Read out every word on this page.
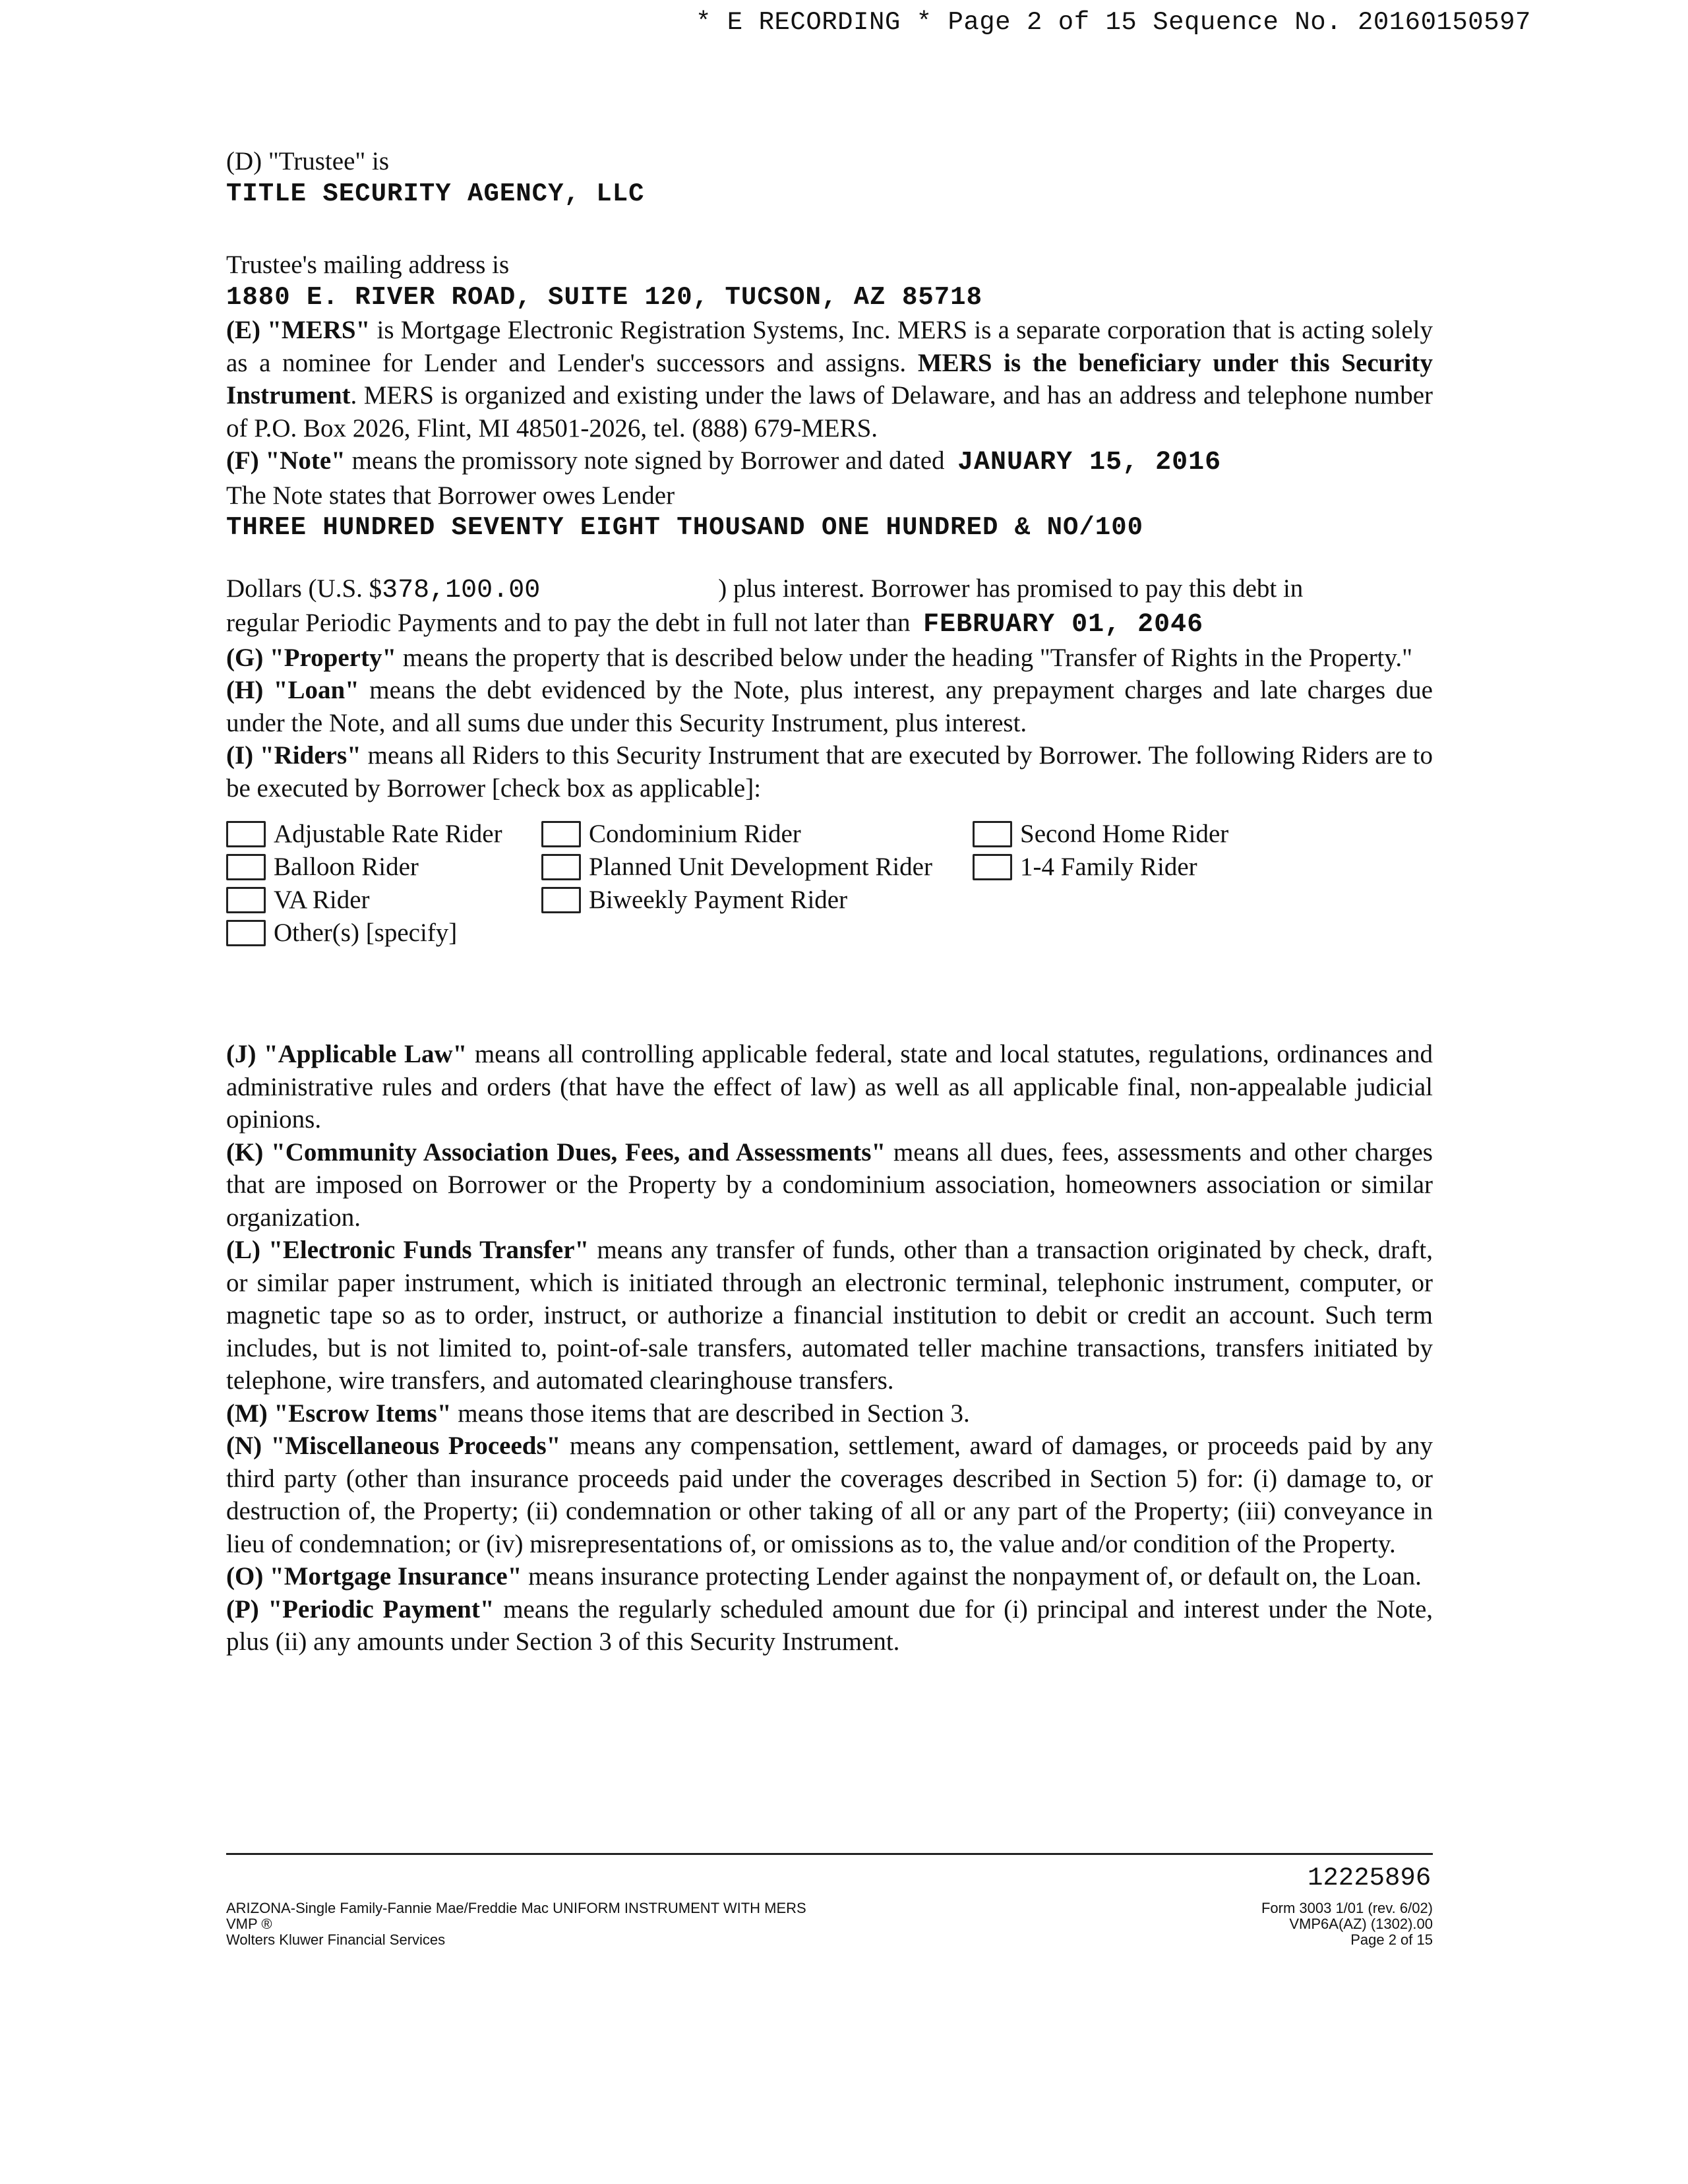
* E RECORDING * Page 2 of 15 Sequence No. 20160150597
(D) "Trustee" is
TITLE SECURITY AGENCY, LLC
Trustee's mailing address is
1880 E. RIVER ROAD, SUITE 120, TUCSON, AZ 85718

(E) "MERS" is Mortgage Electronic Registration Systems, Inc. MERS is a separate corporation that is acting solely as a nominee for Lender and Lender's successors and assigns. MERS is the beneficiary under this Security Instrument. MERS is organized and existing under the laws of Delaware, and has an address and telephone number of P.O. Box 2026, Flint, MI 48501-2026, tel. (888) 679-MERS.

(F) "Note" means the promissory note signed by Borrower and dated JANUARY 15, 2016
The Note states that Borrower owes Lender
THREE HUNDRED SEVENTY EIGHT THOUSAND ONE HUNDRED & NO/100
Dollars (U.S. $378,100.00	) plus interest. Borrower has promised to pay this debt in
regular Periodic Payments and to pay the debt in full not later than FEBRUARY 01, 2046

(G) "Property" means the property that is described below under the heading "Transfer of Rights in the Property."

(H) "Loan" means the debt evidenced by the Note, plus interest, any prepayment charges and late charges due under the Note, and all sums due under this Security Instrument, plus interest.

(I) "Riders" means all Riders to this Security Instrument that are executed by Borrower. The following Riders are to be executed by Borrower [check box as applicable]:

Adjustable Rate Rider	Condominium Rider	Second Home Rider
Balloon Rider	Planned Unit Development Rider	1-4 Family Rider
VA Rider	Biweekly Payment Rider
Other(s) [specify]

(J) "Applicable Law" means all controlling applicable federal, state and local statutes, regulations, ordinances and administrative rules and orders (that have the effect of law) as well as all applicable final, non-appealable judicial opinions.

(K) "Community Association Dues, Fees, and Assessments" means all dues, fees, assessments and other charges that are imposed on Borrower or the Property by a condominium association, homeowners association or similar organization.

(L) "Electronic Funds Transfer" means any transfer of funds, other than a transaction originated by check, draft, or similar paper instrument, which is initiated through an electronic terminal, telephonic instrument, computer, or magnetic tape so as to order, instruct, or authorize a financial institution to debit or credit an account. Such term includes, but is not limited to, point-of-sale transfers, automated teller machine transactions, transfers initiated by telephone, wire transfers, and automated clearinghouse transfers.

(M) "Escrow Items" means those items that are described in Section 3.

(N) "Miscellaneous Proceeds" means any compensation, settlement, award of damages, or proceeds paid by any third party (other than insurance proceeds paid under the coverages described in Section 5) for: (i) damage to, or destruction of, the Property; (ii) condemnation or other taking of all or any part of the Property; (iii) conveyance in lieu of condemnation; or (iv) misrepresentations of, or omissions as to, the value and/or condition of the Property.

(O) "Mortgage Insurance" means insurance protecting Lender against the nonpayment of, or default on, the Loan.

(P) "Periodic Payment" means the regularly scheduled amount due for (i) principal and interest under the Note, plus (ii) any amounts under Section 3 of this Security Instrument.

12225896
ARIZONA-Single Family-Fannie Mae/Freddie Mac UNIFORM INSTRUMENT WITH MERS
VMP ®
Wolters Kluwer Financial Services
Form 3003 1/01 (rev. 6/02)
VMP6A(AZ) (1302).00
Page 2 of 15
